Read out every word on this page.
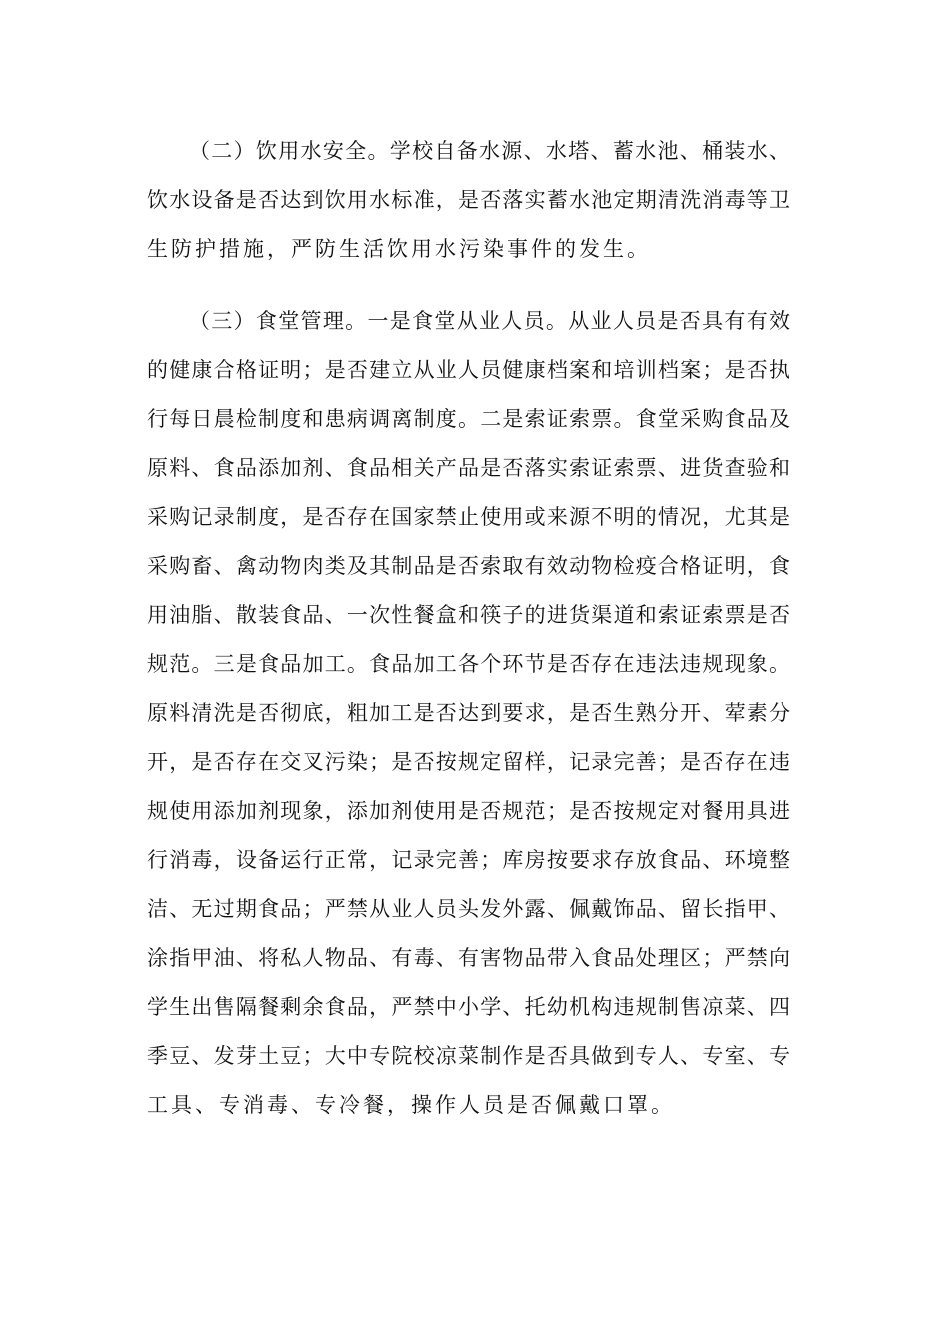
（二）饮用水安全。学校自备水源、水塔、蓄水池、桶装水、
饮水设备是否达到饮用水标准，是否落实蓄水池定期清洗消毒等卫
生防护措施，严防生活饮用水污染事件的发生。
（三）食堂管理。一是食堂从业人员。从业人员是否具有有效
的健康合格证明；是否建立从业人员健康档案和培训档案；是否执
行每日晨检制度和患病调离制度。二是索证索票。食堂采购食品及
原料、食品添加剂、食品相关产品是否落实索证索票、进货查验和
采购记录制度，是否存在国家禁止使用或来源不明的情况，尤其是
采购畜、禽动物肉类及其制品是否索取有效动物检疫合格证明，食
用油脂、散装食品、一次性餐盒和筷子的进货渠道和索证索票是否
规范。三是食品加工。食品加工各个环节是否存在违法违规现象。
原料清洗是否彻底，粗加工是否达到要求，是否生熟分开、荤素分
开，是否存在交叉污染；是否按规定留样，记录完善；是否存在违
规使用添加剂现象，添加剂使用是否规范；是否按规定对餐用具进
行消毒，设备运行正常，记录完善；库房按要求存放食品、环境整
洁、无过期食品；严禁从业人员头发外露、佩戴饰品、留长指甲、
涂指甲油、将私人物品、有毒、有害物品带入食品处理区；严禁向
学生出售隔餐剩余食品，严禁中小学、托幼机构违规制售凉菜、四
季豆、发芽土豆；大中专院校凉菜制作是否具做到专人、专室、专
工具、专消毒、专冷餐，操作人员是否佩戴口罩。
